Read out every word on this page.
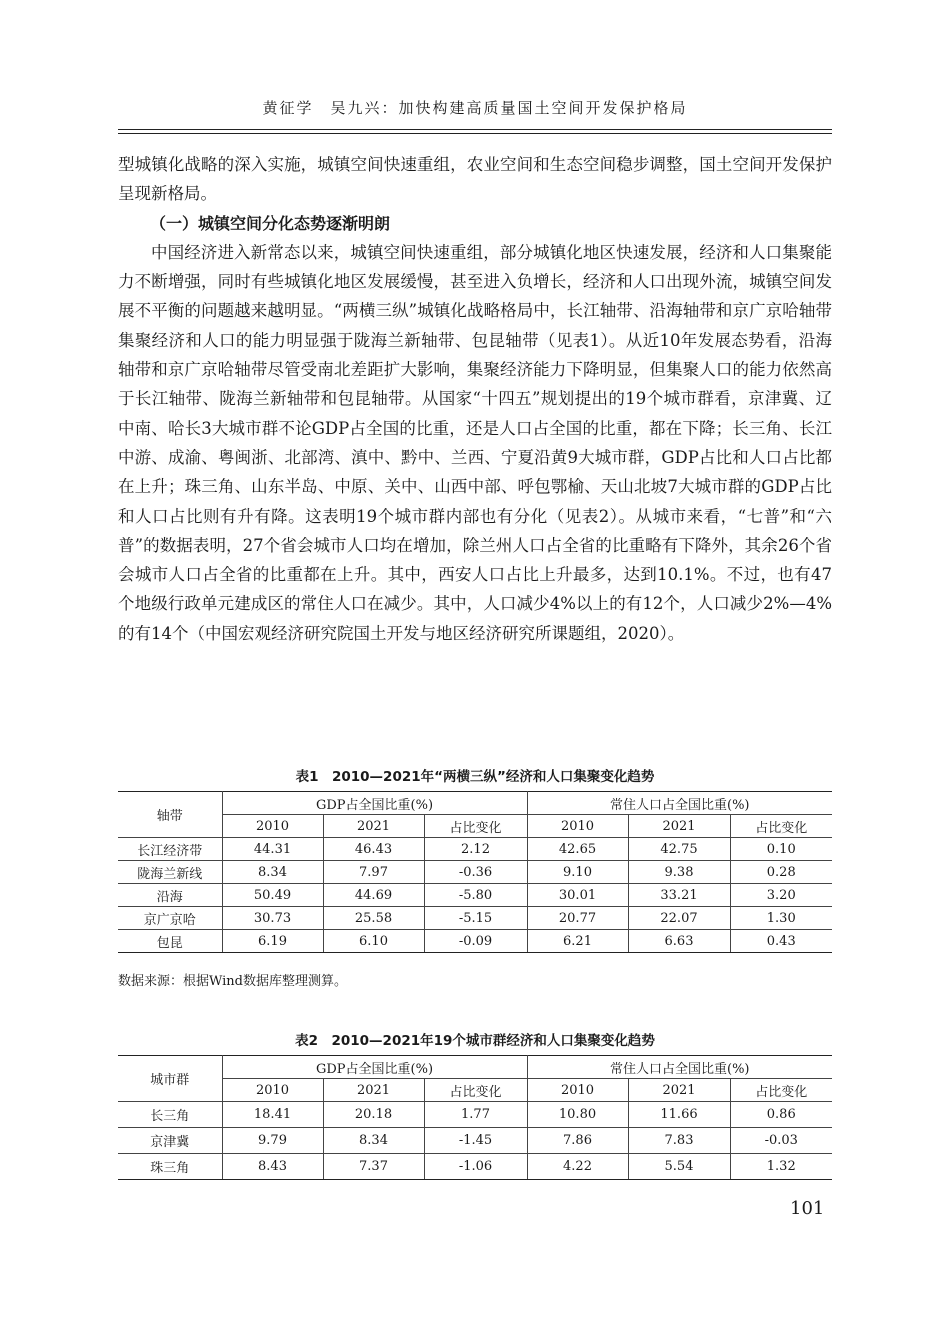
黄征学　吴九兴：加快构建高质量国土空间开发保护格局

型城镇化战略的深入实施，城镇空间快速重组，农业空间和生态空间稳步调整，国土空间开发保护呈现新格局。

（一）城镇空间分化态势逐渐明朗

中国经济进入新常态以来，城镇空间快速重组，部分城镇化地区快速发展，经济和人口集聚能力不断增强，同时有些城镇化地区发展缓慢，甚至进入负增长，经济和人口出现外流，城镇空间发展不平衡的问题越来越明显。“两横三纵”城镇化战略格局中，长江轴带、沿海轴带和京广京哈轴带集聚经济和人口的能力明显强于陇海兰新轴带、包昆轴带（见表1）。从近10年发展态势看，沿海轴带和京广京哈轴带尽管受南北差距扩大影响，集聚经济能力下降明显，但集聚人口的能力依然高于长江轴带、陇海兰新轴带和包昆轴带。从国家“十四五”规划提出的19个城市群看，京津冀、辽中南、哈长3大城市群不论GDP占全国的比重，还是人口占全国的比重，都在下降；长三角、长江中游、成渝、粤闽浙、北部湾、滇中、黔中、兰西、宁夏沿黄9大城市群，GDP占比和人口占比都在上升；珠三角、山东半岛、中原、关中、山西中部、呼包鄂榆、天山北坡7大城市群的GDP占比和人口占比则有升有降。这表明19个城市群内部也有分化（见表2）。从城市来看，“七普”和“六普”的数据表明，27个省会城市人口均在增加，除兰州人口占全省的比重略有下降外，其余26个省会城市人口占全省的比重都在上升。其中，西安人口占比上升最多，达到10.1%。不过，也有47个地级行政单元建成区的常住人口在减少。其中，人口减少4%以上的有12个，人口减少2%—4%的有14个（中国宏观经济研究院国土开发与地区经济研究所课题组，2020）。

表1　2010—2021年“两横三纵”经济和人口集聚变化趋势
轴带	GDP占全国比重(%)			常住人口占全国比重(%)		
	2010	2021	占比变化	2010	2021	占比变化
长江经济带	44.31	46.43	2.12	42.65	42.75	0.10
陇海兰新线	8.34	7.97	-0.36	9.10	9.38	0.28
沿海	50.49	44.69	-5.80	30.01	33.21	3.20
京广京哈	30.73	25.58	-5.15	20.77	22.07	1.30
包昆	6.19	6.10	-0.09	6.21	6.63	0.43
数据来源：根据Wind数据库整理测算。
表2　2010—2021年19个城市群经济和人口集聚变化趋势
城市群	GDP占全国比重(%)			常住人口占全国比重(%)		
	2010	2021	占比变化	2010	2021	占比变化
长三角	18.41	20.18	1.77	10.80	11.66	0.86
京津冀	9.79	8.34	-1.45	7.86	7.83	-0.03
珠三角	8.43	7.37	-1.06	4.22	5.54	1.32
101
